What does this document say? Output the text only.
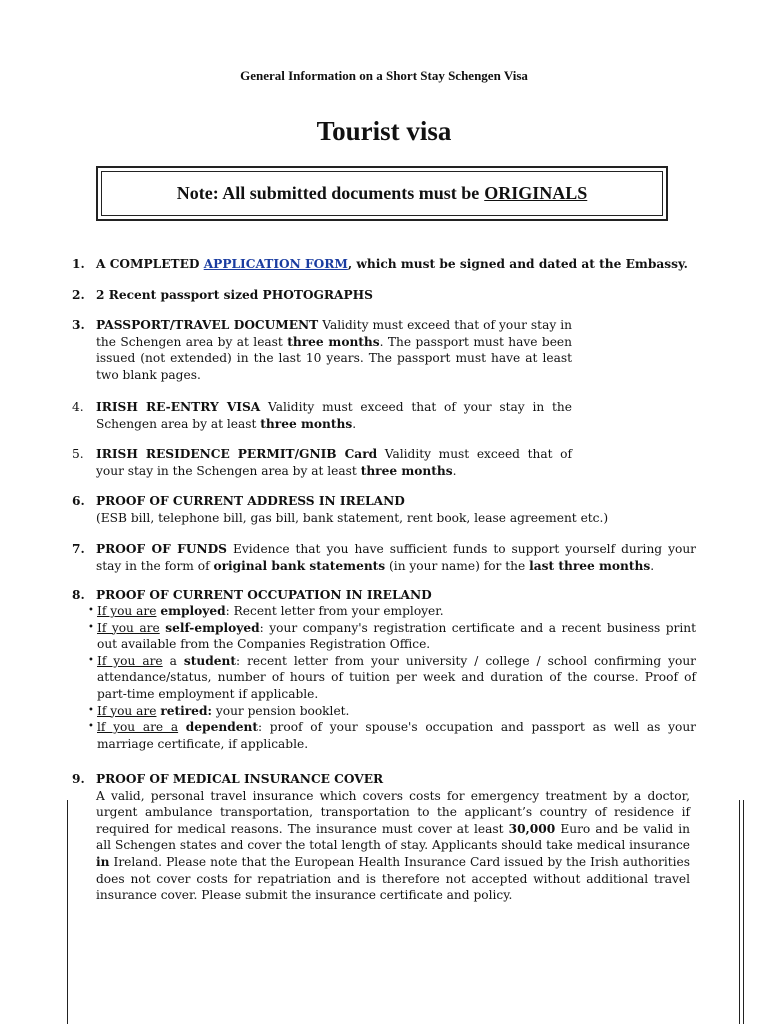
General Information on a Short Stay Schengen Visa
Tourist visa
Note: All submitted documents must be ORIGINALS
1. A COMPLETED APPLICATION FORM, which must be signed and dated at the Embassy.
2. 2 Recent passport sized PHOTOGRAPHS
3. PASSPORT/TRAVEL DOCUMENT Validity must exceed that of your stay in the Schengen area by at least three months. The passport must have been issued (not extended) in the last 10 years. The passport must have at least two blank pages.
4. IRISH RE-ENTRY VISA Validity must exceed that of your stay in the Schengen area by at least three months.
5. IRISH RESIDENCE PERMIT/GNIB Card Validity must exceed that of your stay in the Schengen area by at least three months.
6. PROOF OF CURRENT ADDRESS IN IRELAND
(ESB bill, telephone bill, gas bill, bank statement, rent book, lease agreement etc.)
7. PROOF OF FUNDS Evidence that you have sufficient funds to support yourself during your stay in the form of original bank statements (in your name) for the last three months.
8. PROOF OF CURRENT OCCUPATION IN IRELAND
• If you are employed: Recent letter from your employer.
• If you are self-employed: your company's registration certificate and a recent business print out available from the Companies Registration Office.
• If you are a student: recent letter from your university / college / school confirming your attendance/status, number of hours of tuition per week and duration of the course. Proof of part-time employment if applicable.
• If you are retired: your pension booklet.
• lf you are a dependent: proof of your spouse's occupation and passport as well as your marriage certificate, if applicable.
9. PROOF OF MEDICAL INSURANCE COVER
A valid, personal travel insurance which covers costs for emergency treatment by a doctor, urgent ambulance transportation, transportation to the applicant’s country of residence if required for medical reasons. The insurance must cover at least 30,000 Euro and be valid in all Schengen states and cover the total length of stay. Applicants should take medical insurance in Ireland. Please note that the European Health Insurance Card issued by the Irish authorities does not cover costs for repatriation and is therefore not accepted without additional travel insurance cover. Please submit the insurance certificate and policy.
